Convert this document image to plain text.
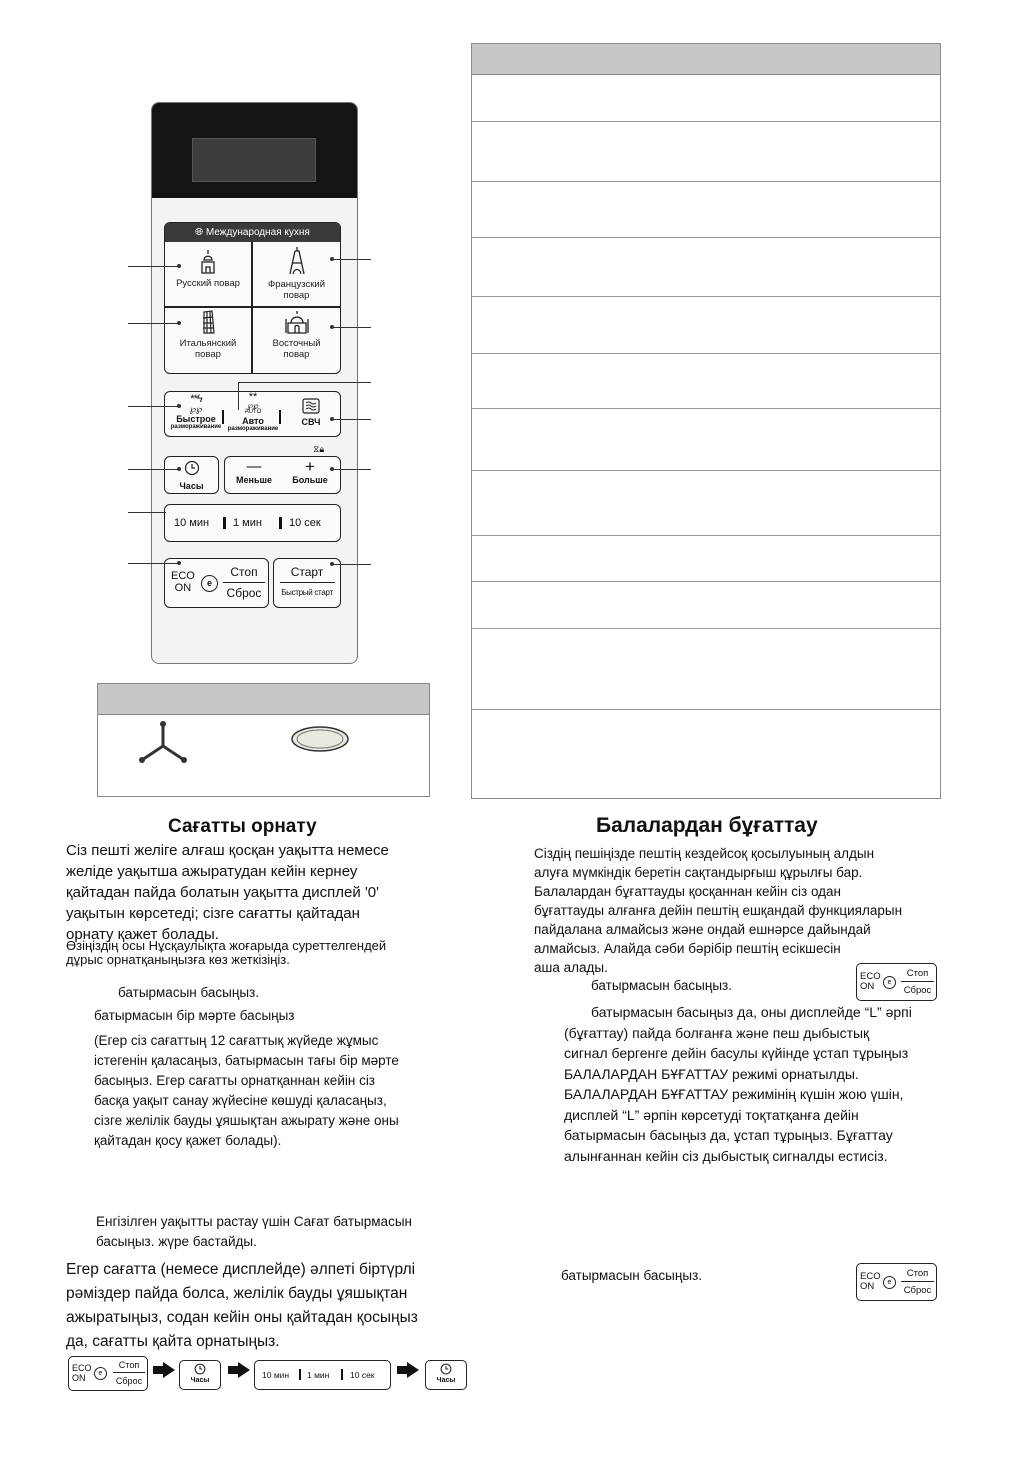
🌐︎ Международная кухня
Русский повар	Французский
повар
Итальянский
повар
Восточный
повар
**ϟ
℘℘
Быстрое
размораживание
**
℘℘
AUTO
Авто
размораживание
СВЧ
Часы
⧖🔒︎
—
Меньше
+
Больше
10 мин 1 мин 10 сек
ECO
ON	e
Стоп
Сброс
Старт
Быстрый старт
Сағатты орнату
Сіз пешті желіге алғаш қосқан уақытта немесе
желіде уақытша ажыратудан кейін кернеу
қайтадан пайда болатын уақытта дисплей '0'
уақытын көрсетеді; сізге сағатты қайтадан
орнату қажет болады.
Өзіңіздің осы Нұсқаулықта жоғарыда суреттелгендей
дұрыс орнатқаныңызға көз жеткізіңіз.
батырмасын басыңыз.
батырмасын бір мәрте басыңыз
(Егер сіз сағаттың 12 сағаттық жүйеде жұмыс
істегенін қаласаңыз, батырмасын тағы бір мәрте
басыңыз. Егер сағатты орнатқаннан кейін сіз
басқа уақыт санау жүйесіне көшуді қаласаңыз,
сізге желілік бауды ұяшықтан ажырату және оны
қайтадан қосу қажет болады).
Енгізілген уақытты растау үшін Сағат батырмасын
басыңыз. жүре бастайды.
Егер сағатта (немесе дисплейде) әлпеті біртүрлі
рәміздер пайда болса, желілік бауды ұяшықтан
ажыратыңыз, содан кейін оны қайтадан қосыңыз
да, сағатты қайта орнатыңыз.
ECO
ON	e
Стоп
Сброс	Часы
10 мин 1 мин 10 сек
Часы
Балалардан бұғаттау
Сіздің пешіңізде пештің кездейсоқ қосылуының алдын
алуға мүмкіндік беретін сақтандырғыш құрылғы бар.
Балалардан бұғаттауды қосқаннан кейін сіз одан
бұғаттауды алғанға дейін пештің ешқандай функцияларын
пайдалана алмайсыз және ондай ешнәрсе дайындай
алмайсыз. Алайда сәби бәрібір пештің есікшесін
аша алады.
батырмасын басыңыз.
ECO
ON	e
Стоп
Сброс
батырмасын басыңыз да, оны дисплейде “L” әрпі
(бұғаттау) пайда болғанға және пеш дыбыстық
сигнал бергенге дейін басулы күйінде ұстап тұрыңыз
БАЛАЛАРДАН БҰҒАТТАУ режимі орнатылды.
БАЛАЛАРДАН БҰҒАТТАУ режимінің күшін жою үшін,
дисплей “L” әрпін көрсетуді тоқтатқанға дейін
батырмасын басыңыз да, ұстап тұрыңыз. Бұғаттау
алынғаннан кейін сіз дыбыстық сигналды естисіз.
батырмасын басыңыз.	ECO
ON	e
Стоп
Сброс
